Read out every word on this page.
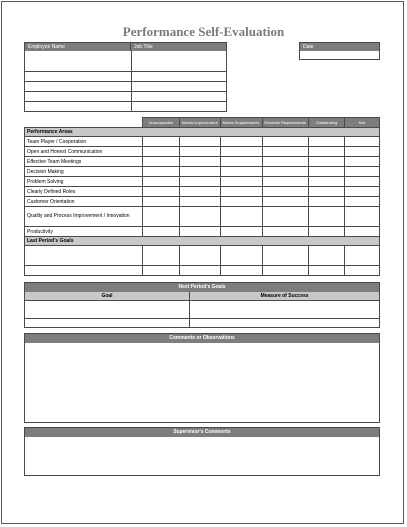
Performance Self-Evaluation
Employee Name	Job Title	Date
	Unacceptable	Needs Improvement	Meets Requirements	Exceeds Requirements	Outstanding	N/A
Performance Areas						
Team Player / Cooperation						
Open and Honest Communication						
Effective Team Meetings						
Decision Making						
Problem Solving						
Clearly Defined Roles						
Customer Orientation						
Quality and Process Improvement / Innovation						
Productivity						
Last Period's Goals						

Next Period's Goals
Goal	Measure of Success
Comments or Observations
Supervisor's Comments
